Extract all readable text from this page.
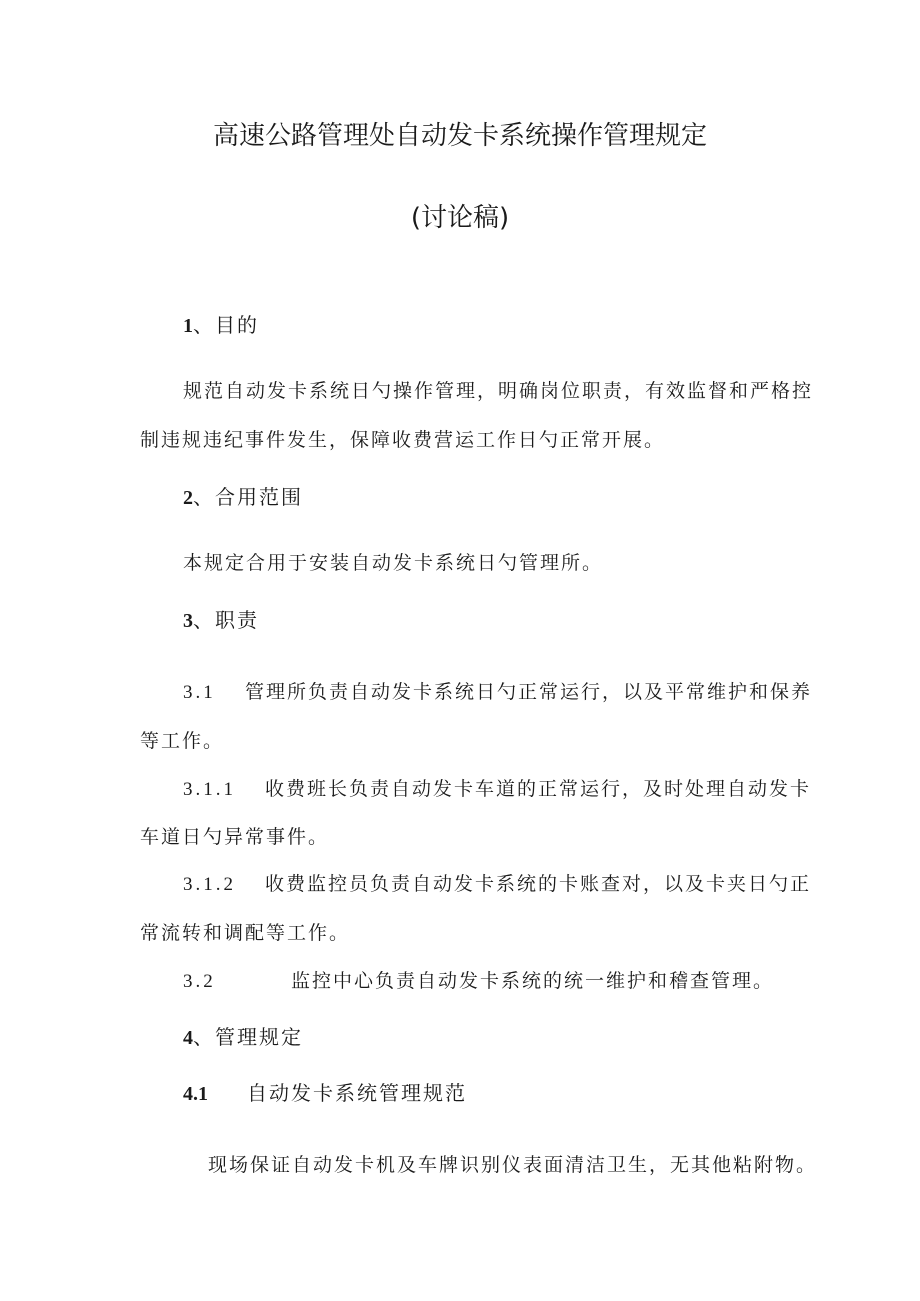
高速公路管理处自动发卡系统操作管理规定
(讨论稿)
1、目的
规范自动发卡系统日勺操作管理，明确岗位职责，有效监督和严格控
制违规违纪事件发生，保障收费营运工作日勺正常开展。
2、合用范围
本规定合用于安装自动发卡系统日勺管理所。
3、职责
3.1 管理所负责自动发卡系统日勺正常运行，以及平常维护和保养
等工作。
3.1.1 收费班长负责自动发卡车道的正常运行，及时处理自动发卡
车道日勺异常事件。
3.1.2 收费监控员负责自动发卡系统的卡账查对，以及卡夹日勺正
常流转和调配等工作。
3.2	监控中心负责自动发卡系统的统一维护和稽查管理。
4、管理规定
4.1 自动发卡系统管理规范
现场保证自动发卡机及车牌识别仪表面清洁卫生，无其他粘附物。
